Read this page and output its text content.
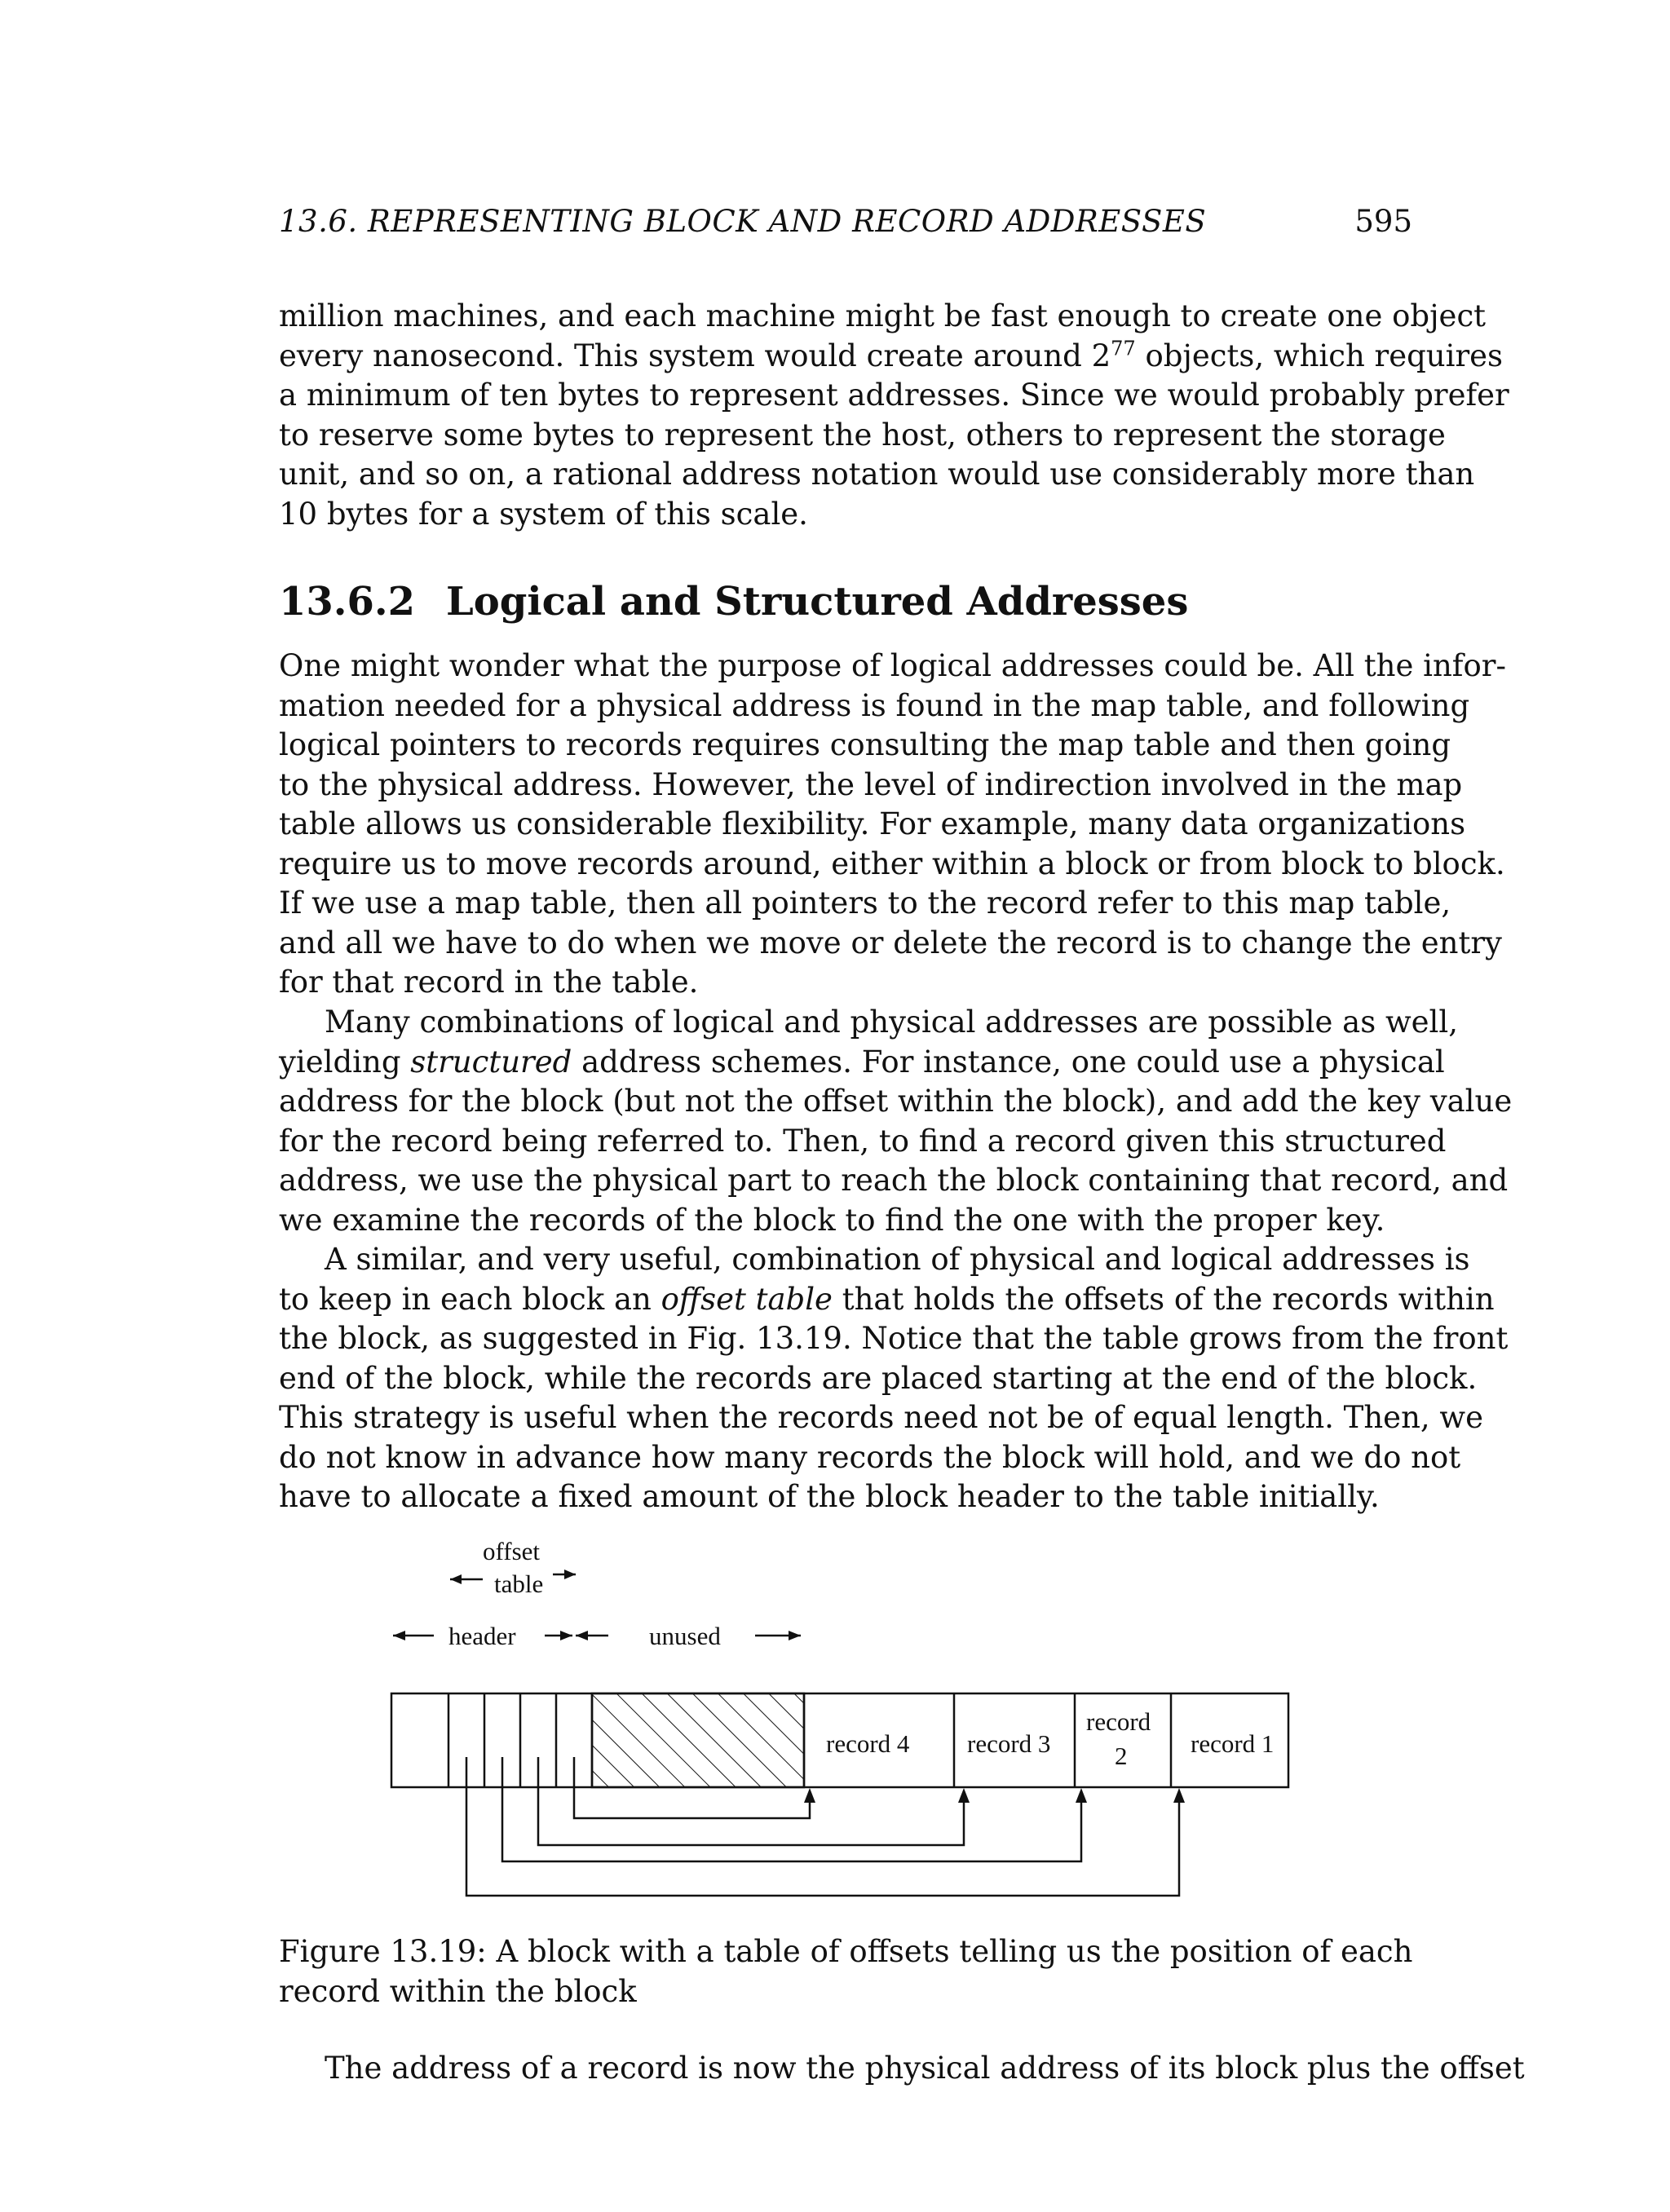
13.6. REPRESENTING BLOCK AND RECORD ADDRESSES	595
million machines, and each machine might be fast enough to create one object
every nanosecond. This system would create around $2^{77}$ objects, which requires
a minimum of ten bytes to represent addresses. Since we would probably prefer
to reserve some bytes to represent the host, others to represent the storage
unit, and so on, a rational address notation would use considerably more than
10 bytes for a system of this scale.
13.6.2 Logical and Structured Addresses
One might wonder what the purpose of logical addresses could be. All the infor-
mation needed for a physical address is found in the map table, and following
logical pointers to records requires consulting the map table and then going
to the physical address. However, the level of indirection involved in the map
table allows us considerable flexibility. For example, many data organizations
require us to move records around, either within a block or from block to block.
If we use a map table, then all pointers to the record refer to this map table,
and all we have to do when we move or delete the record is to change the entry
for that record in the table.
Many combinations of logical and physical addresses are possible as well,
yielding structured address schemes. For instance, one could use a physical
address for the block (but not the offset within the block), and add the key value
for the record being referred to. Then, to find a record given this structured
address, we use the physical part to reach the block containing that record, and
we examine the records of the block to find the one with the proper key.
A similar, and very useful, combination of physical and logical addresses is
to keep in each block an offset table that holds the offsets of the records within
the block, as suggested in Fig. 13.19. Notice that the table grows from the front
end of the block, while the records are placed starting at the end of the block.
This strategy is useful when the records need not be of equal length. Then, we
do not know in advance how many records the block will hold, and we do not
have to allocate a fixed amount of the block header to the table initially.
offset
table
header	unused
record 4 record 3
record
2	record 1
Figure 13.19: A block with a table of offsets telling us the position of each
record within the block
The address of a record is now the physical address of its block plus the offset
